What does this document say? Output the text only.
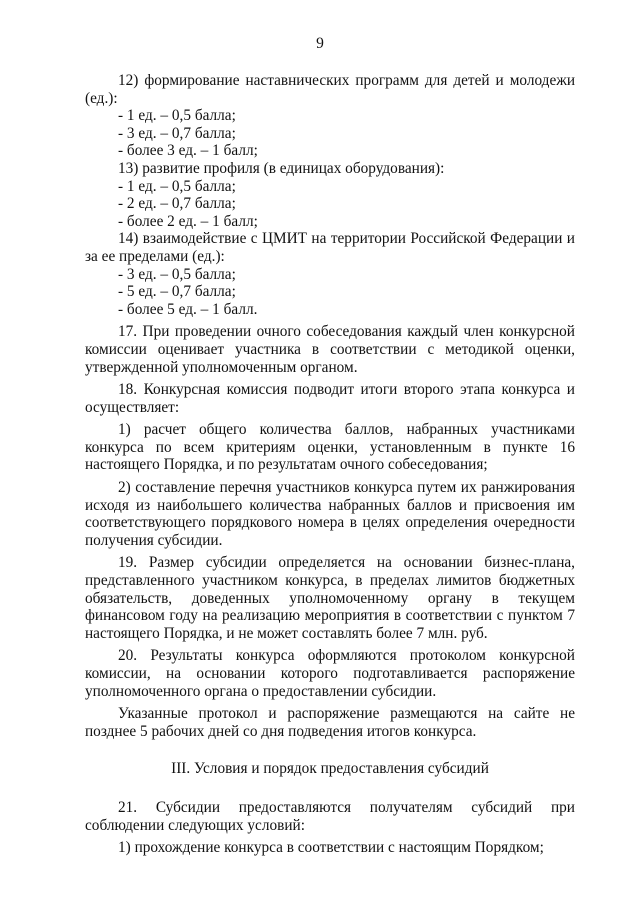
9

12) формирование наставнических программ для детей и молодежи (ед.):

- 1 ед. – 0,5 балла;

- 3 ед. – 0,7 балла;

- более 3 ед. – 1 балл;

13) развитие профиля (в единицах оборудования):

- 1 ед. – 0,5 балла;

- 2 ед. – 0,7 балла;

- более 2 ед. – 1 балл;

14) взаимодействие с ЦМИТ на территории Российской Федерации и за ее пределами (ед.):

- 3 ед. – 0,5 балла;

- 5 ед. – 0,7 балла;

- более 5 ед. – 1 балл.

17. При проведении очного собеседования каждый член конкурсной комиссии оценивает участника в соответствии с методикой оценки, утвержденной уполномоченным органом.

18. Конкурсная комиссия подводит итоги второго этапа конкурса и осуществляет:

1) расчет общего количества баллов, набранных участниками конкурса по всем критериям оценки, установленным в пункте 16 настоящего Порядка, и по результатам очного собеседования;

2) составление перечня участников конкурса путем их ранжирования исходя из наибольшего количества набранных баллов и присвоения им соответствующего порядкового номера в целях определения очередности получения субсидии.

19. Размер субсидии определяется на основании бизнес-плана, представленного участником конкурса, в пределах лимитов бюджетных обязательств, доведенных уполномоченному органу в текущем финансовом году на реализацию мероприятия в соответствии с пунктом 7 настоящего Порядка, и не может составлять более 7 млн. руб.

20. Результаты конкурса оформляются протоколом конкурсной комиссии, на основании которого подготавливается распоряжение уполномоченного органа о предоставлении субсидии.

Указанные протокол и распоряжение размещаются на сайте не позднее 5 рабочих дней со дня подведения итогов конкурса.

III. Условия и порядок предоставления субсидий

21. Субсидии предоставляются получателям субсидий при соблюдении следующих условий:

1) прохождение конкурса в соответствии с настоящим Порядком;
